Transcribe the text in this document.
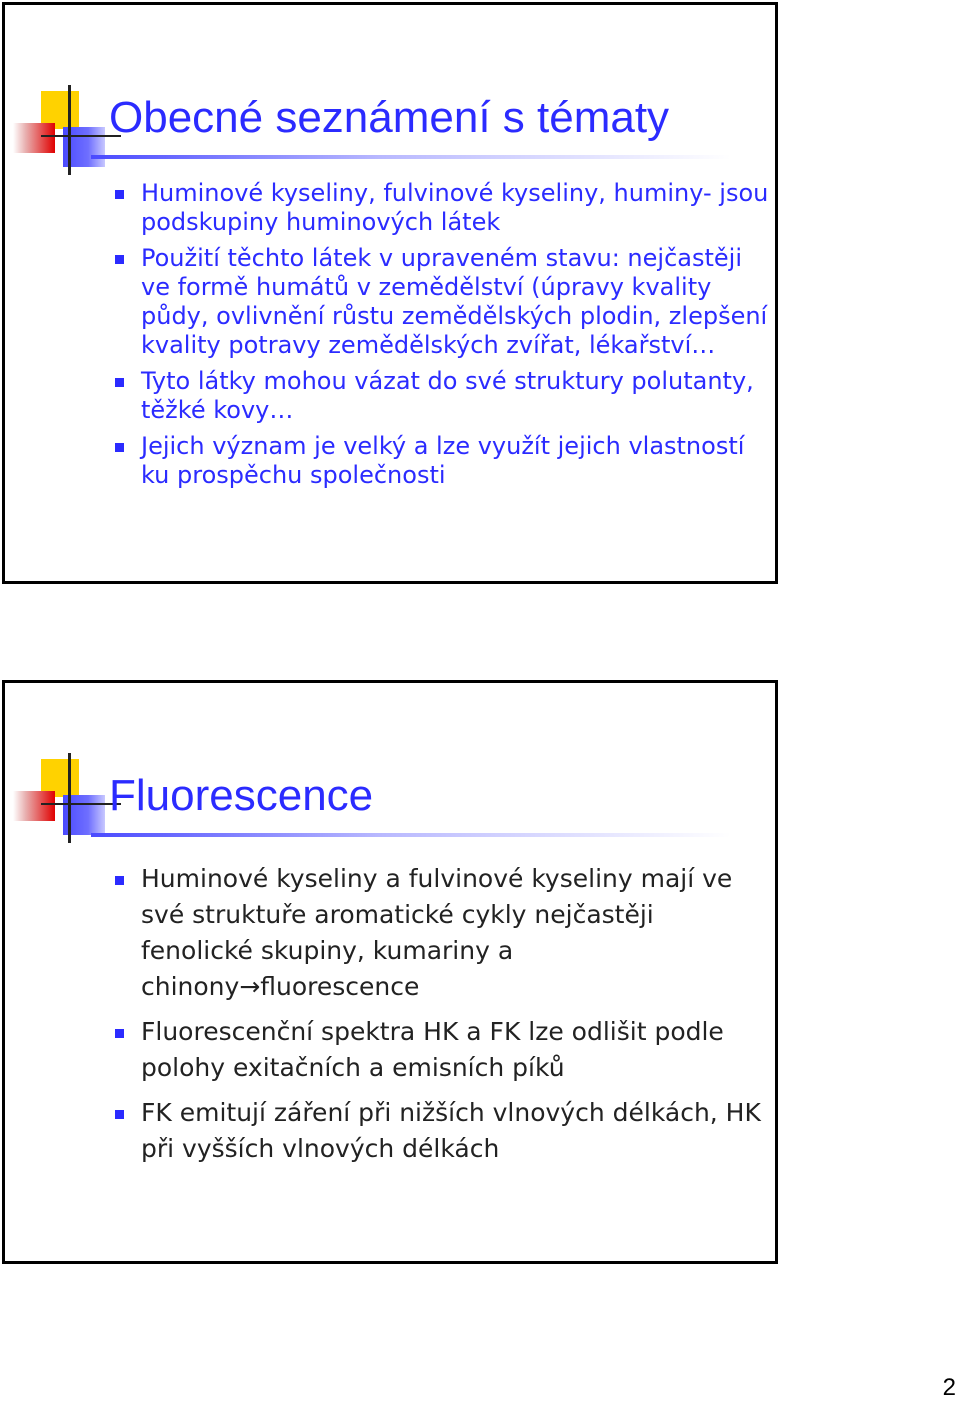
Obecné seznámení s tématy
Huminové kyseliny, fulvinové kyseliny, huminy- jsou podskupiny huminových látek
Použití těchto látek v upraveném stavu: nejčastěji ve formě humátů v zemědělství (úpravy kvality půdy, ovlivnění růstu zemědělských plodin, zlepšení kvality potravy zemědělských zvířat, lékařství…
Tyto látky mohou vázat do své struktury polutanty, těžké kovy…
Jejich význam je velký a lze využít jejich vlastností ku prospěchu společnosti
Fluorescence
Huminové kyseliny a fulvinové kyseliny mají ve své struktuře aromatické cykly nejčastěji fenolické skupiny, kumariny a chinony→fluorescence
Fluorescenční spektra HK a FK lze odlišit podle polohy exitačních a emisních píků
FK emitují záření při nižších vlnových délkách, HK při vyšších vlnových délkách
2
